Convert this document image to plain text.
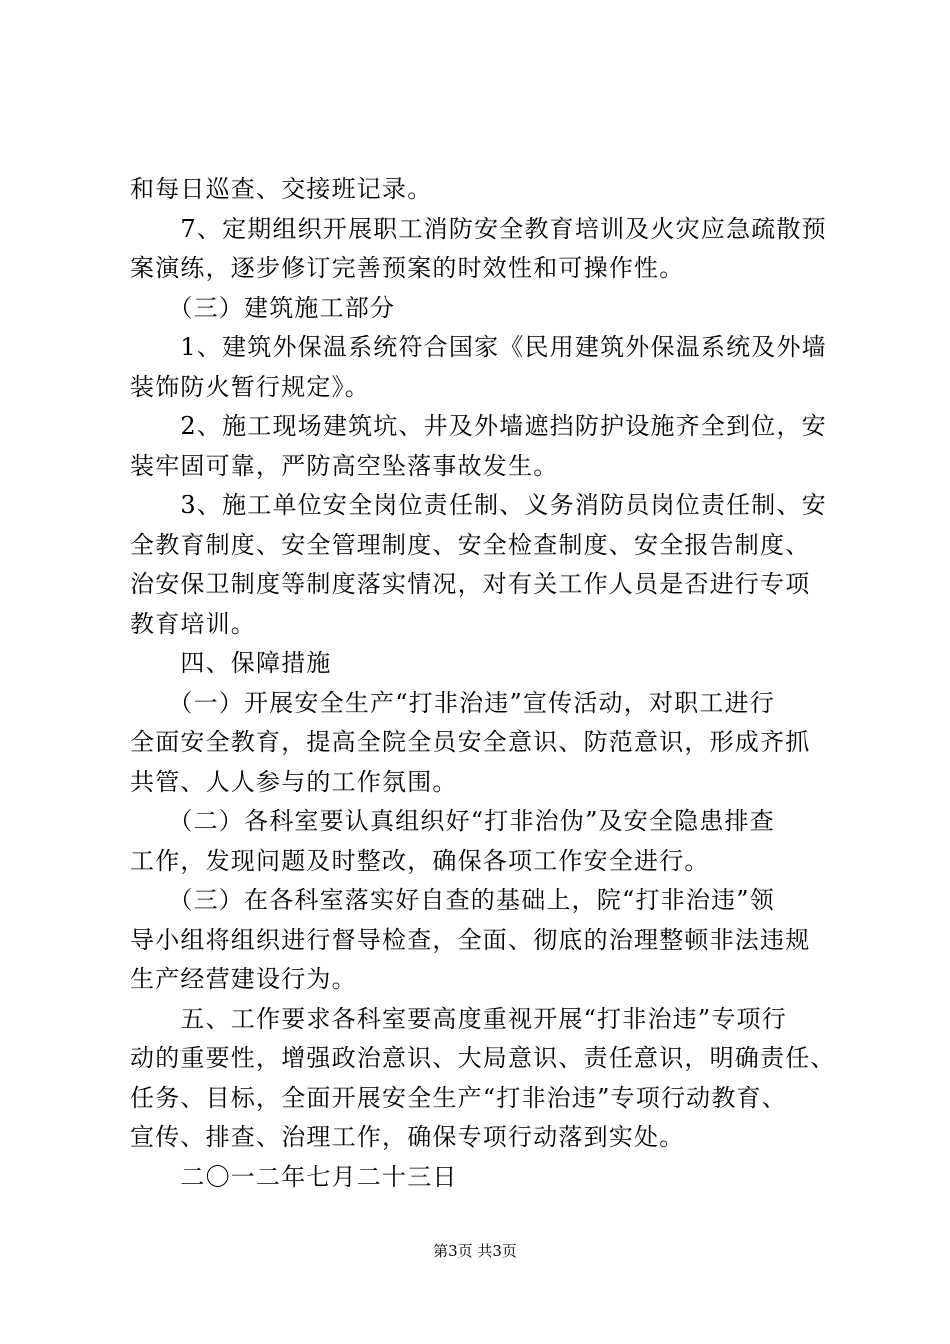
和每日巡查、交接班记录。
　　7、定期组织开展职工消防安全教育培训及火灾应急疏散预
案演练，逐步修订完善预案的时效性和可操作性。
　　（三）建筑施工部分
　　1、建筑外保温系统符合国家《民用建筑外保温系统及外墙
装饰防火暂行规定》。
　　2、施工现场建筑坑、井及外墙遮挡防护设施齐全到位，安
装牢固可靠，严防高空坠落事故发生。
　　3、施工单位安全岗位责任制、义务消防员岗位责任制、安
全教育制度、安全管理制度、安全检查制度、安全报告制度、
治安保卫制度等制度落实情况，对有关工作人员是否进行专项
教育培训。
　　四、保障措施
　　（一）开展安全生产“打非治违”宣传活动，对职工进行
全面安全教育，提高全院全员安全意识、防范意识，形成齐抓
共管、人人参与的工作氛围。
　　（二）各科室要认真组织好“打非治伪”及安全隐患排查
工作，发现问题及时整改，确保各项工作安全进行。
　　（三）在各科室落实好自查的基础上，院“打非治违”领
导小组将组织进行督导检查，全面、彻底的治理整顿非法违规
生产经营建设行为。
　　五、工作要求各科室要高度重视开展“打非治违”专项行
动的重要性，增强政治意识、大局意识、责任意识，明确责任、
任务、目标，全面开展安全生产“打非治违”专项行动教育、
宣传、排查、治理工作，确保专项行动落到实处。
　　二〇一二年七月二十三日
第3页 共3页
